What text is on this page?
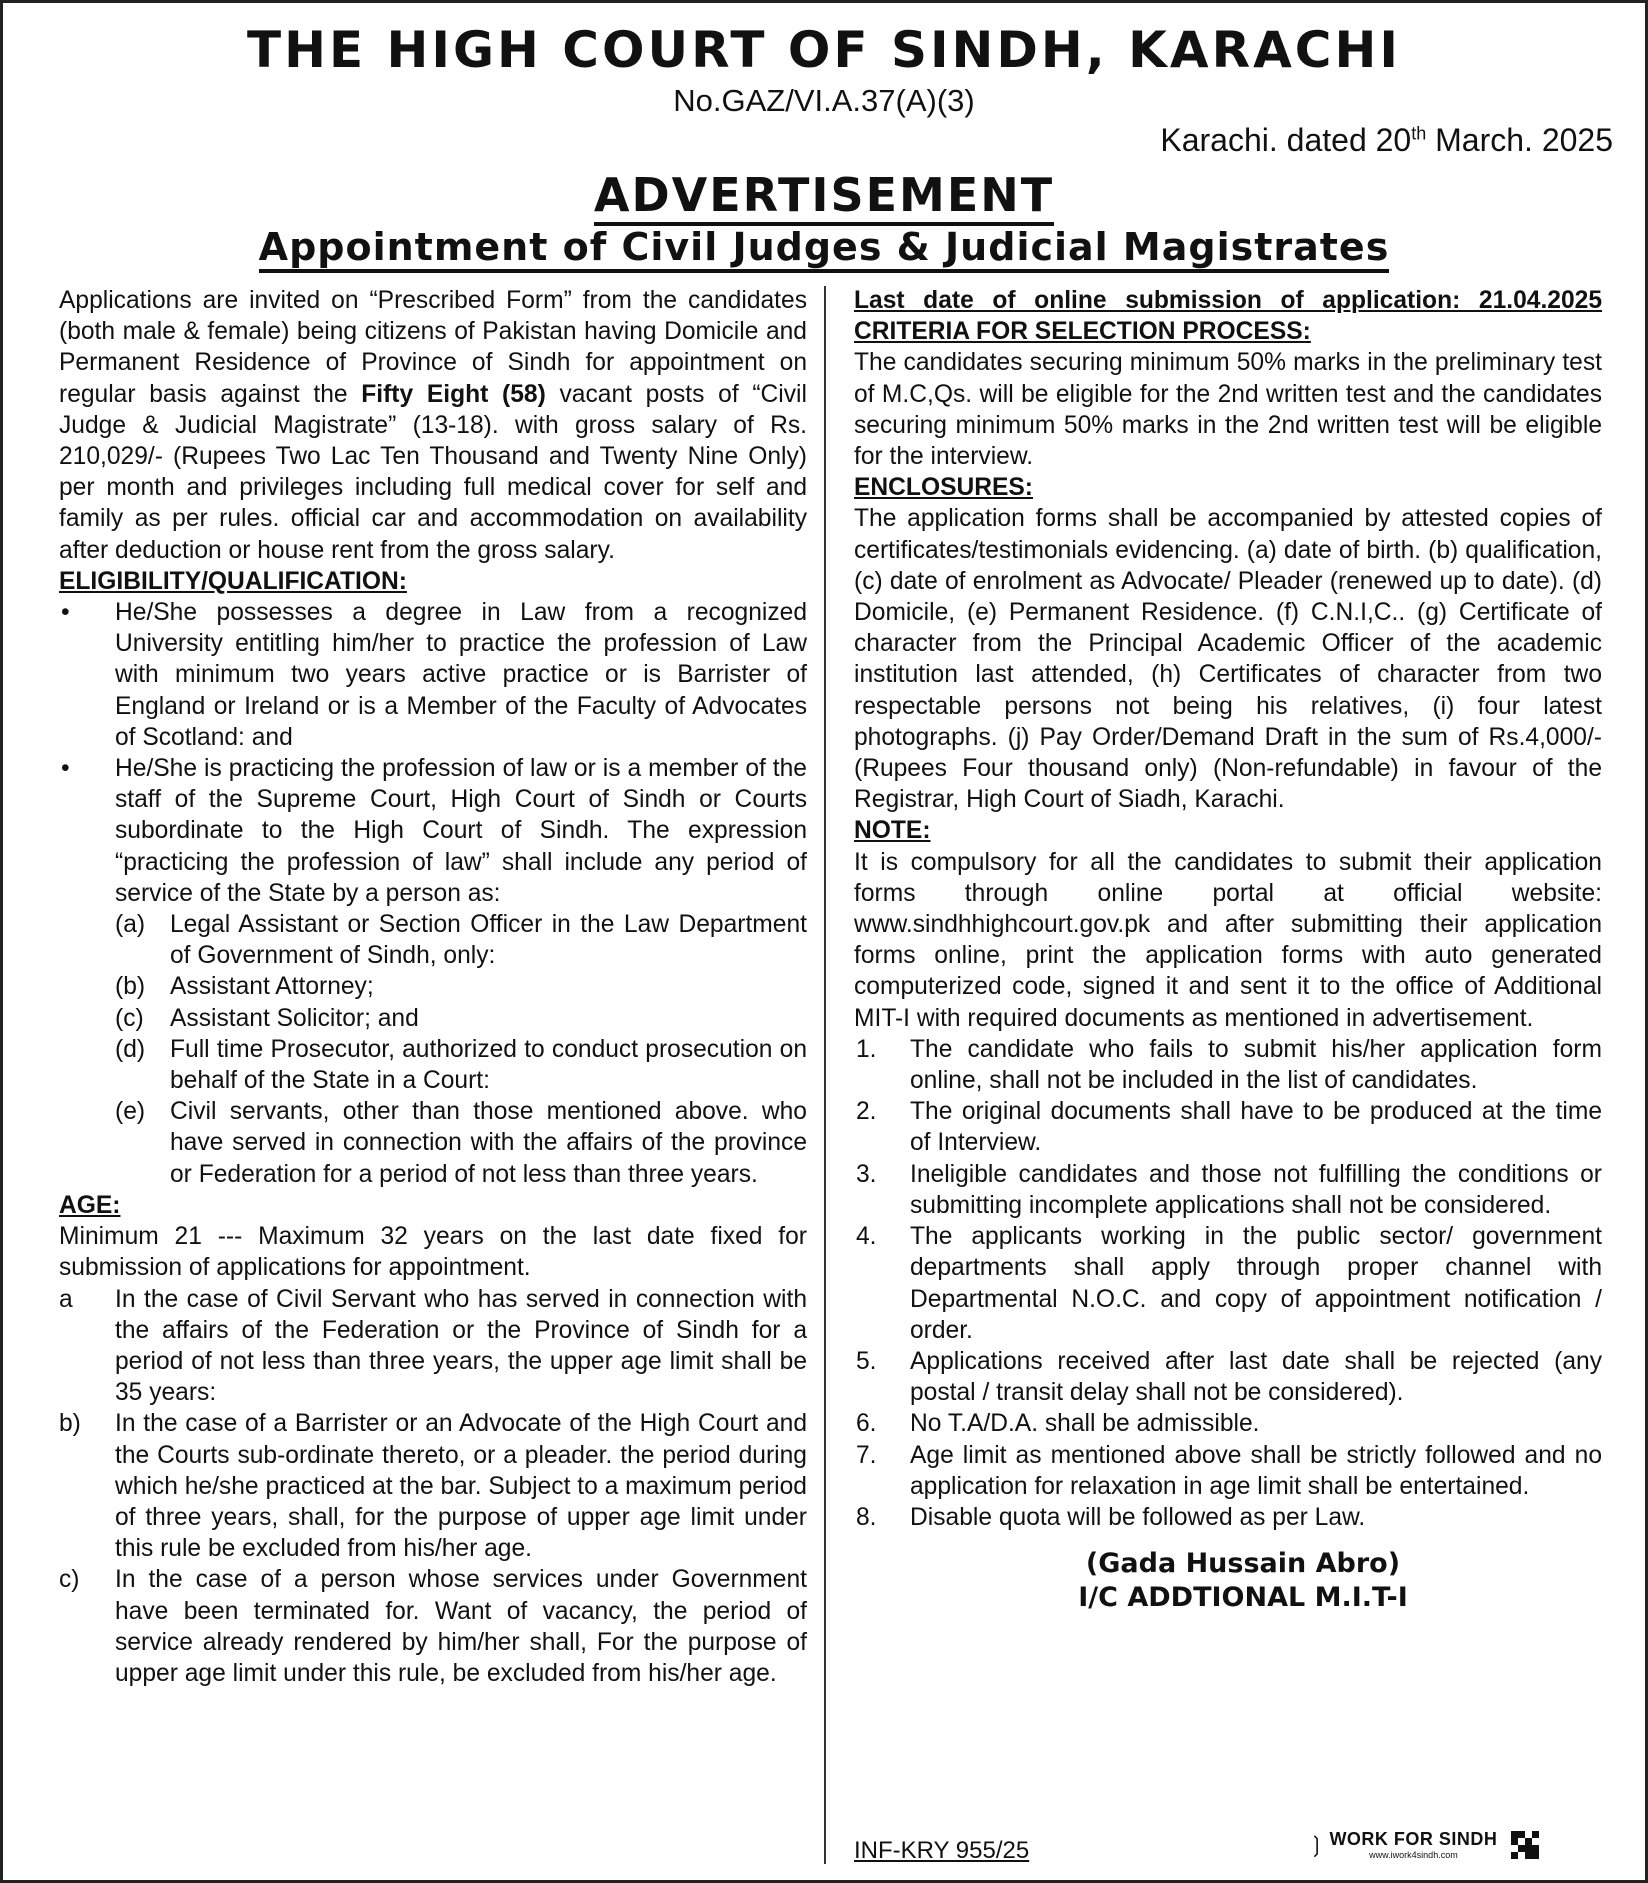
THE HIGH COURT OF SINDH, KARACHI
No.GAZ/VI.A.37(A)(3)
Karachi. dated 20th March. 2025
ADVERTISEMENT
Appointment of Civil Judges & Judicial Magistrates

Applications are invited on “Prescribed Form” from the candidates (both male & female) being citizens of Pakistan having Domicile and Permanent Residence of Province of Sindh for appointment on regular basis against the Fifty Eight (58) vacant posts of “Civil Judge & Judicial Magistrate” (13-18). with gross salary of Rs. 210,029/- (Rupees Two Lac Ten Thousand and Twenty Nine Only) per month and privileges including full medical cover for self and family as per rules. official car and accommodation on availability after deduction or house rent from the gross salary.

ELIGIBILITY/QUALIFICATION:
•	He/She possesses a degree in Law from a recognized University entitling him/her to practice the profession of Law with minimum two years active practice or is Barrister of England or Ireland or is a Member of the Faculty of Advocates of Scotland: and
•	He/She is practicing the profession of law or is a member of the staff of the Supreme Court, High Court of Sindh or Courts subordinate to the High Court of Sindh. The expression “practicing the profession of law” shall include any period of service of the State by a person as:
(a)	Legal Assistant or Section Officer in the Law Department of Government of Sindh, only:
(b)	Assistant Attorney;
(c)	Assistant Solicitor; and
(d)	Full time Prosecutor, authorized to conduct prosecution on behalf of the State in a Court:
(e)	Civil servants, other than those mentioned above. who have served in connection with the affairs of the province or Federation for a period of not less than three years.
AGE:

Minimum 21 --- Maximum 32 years on the last date fixed for submission of applications for appointment.

a	In the case of Civil Servant who has served in connection with the affairs of the Federation or the Province of Sindh for a period of not less than three years, the upper age limit shall be 35 years:
b)	In the case of a Barrister or an Advocate of the High Court and the Courts sub-ordinate thereto, or a pleader. the period during which he/she practiced at the bar. Subject to a maximum period of three years, shall, for the purpose of upper age limit under this rule be excluded from his/her age.
c)	In the case of a person whose services under Government have been terminated for. Want of vacancy, the period of service already rendered by him/her shall, For the purpose of upper age limit under this rule, be excluded from his/her age.

Last date of online submission of application: 21.04.2025 CRITERIA FOR SELECTION PROCESS:

The candidates securing minimum 50% marks in the preliminary test of M.C,Qs. will be eligible for the 2nd written test and the candidates securing minimum 50% marks in the 2nd written test will be eligible for the interview.

ENCLOSURES:

The application forms shall be accompanied by attested copies of certificates/testimonials evidencing. (a) date of birth. (b) qualification, (c) date of enrolment as Advocate/ Pleader (renewed up to date). (d) Domicile, (e) Permanent Residence. (f) C.N.I,C.. (g) Certificate of character from the Principal Academic Officer of the academic institution last attended, (h) Certificates of character from two respectable persons not being his relatives, (i) four latest photographs. (j) Pay Order/Demand Draft in the sum of Rs.4,000/- (Rupees Four thousand only) (Non-refundable) in favour of the Registrar, High Court of Siadh, Karachi.

NOTE:

It is compulsory for all the candidates to submit their application forms through online portal at official website: www.sindhhighcourt.gov.pk and after submitting their application forms online, print the application forms with auto generated computerized code, signed it and sent it to the office of Additional MIT-I with required documents as mentioned in advertisement.

1.	The candidate who fails to submit his/her application form online, shall not be included in the list of candidates.
2.	The original documents shall have to be produced at the time of Interview.
3.	Ineligible candidates and those not fulfilling the conditions or submitting incomplete applications shall not be considered.
4.	The applicants working in the public sector/ government departments shall apply through proper channel with Departmental N.O.C. and copy of appointment notification / order.
5.	Applications received after last date shall be rejected (any postal / transit delay shall not be considered).
6.	No T.A/D.A. shall be admissible.
7.	Age limit as mentioned above shall be strictly followed and no application for relaxation in age limit shall be entertained.
8.	Disable quota will be followed as per Law.
(Gada Hussain Abro)
I/C ADDTIONAL M.I.T-I
INF-KRY 955/25	❳ WORK FOR SINDH
www.iwork4sindh.com
